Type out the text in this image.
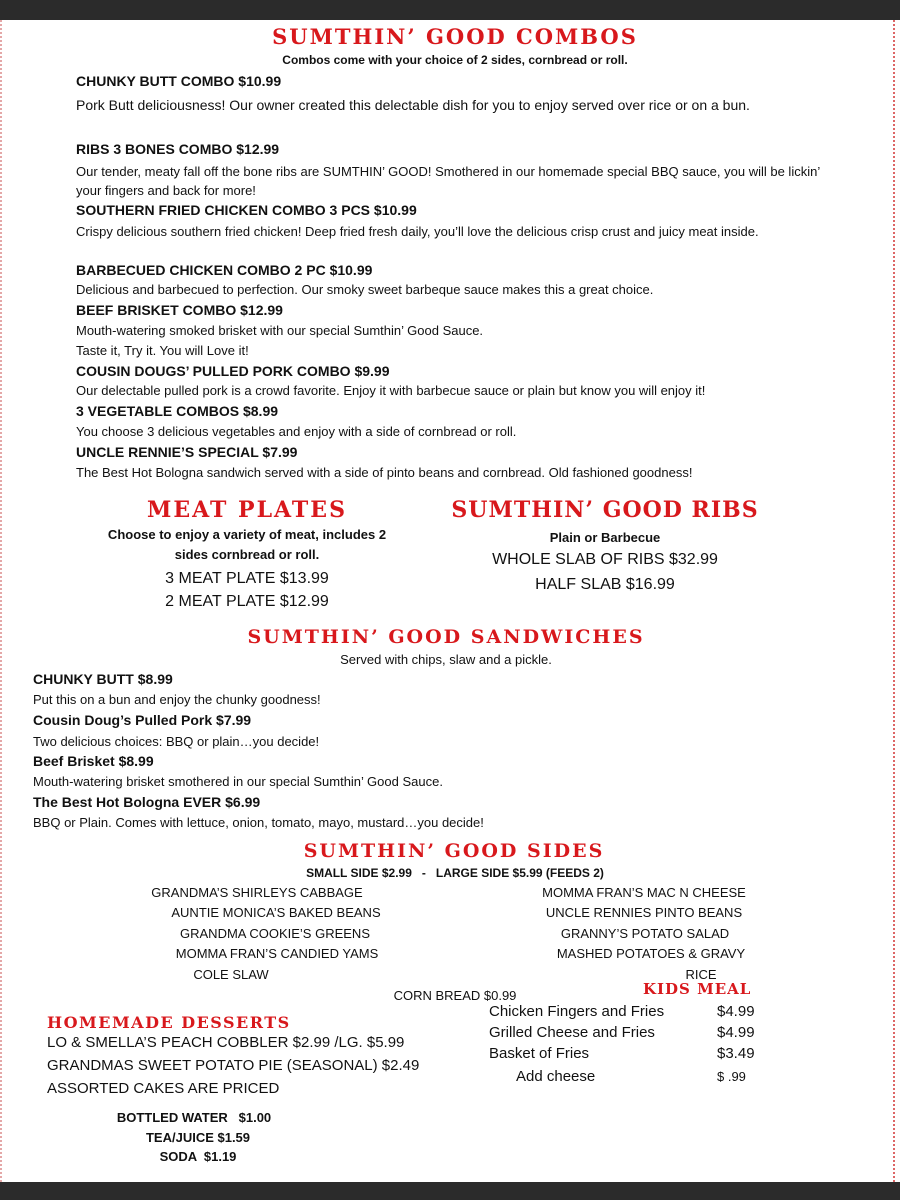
SUMTHIN’ GOOD COMBOS
Combos come with your choice of 2 sides, cornbread or roll.
CHUNKY BUTT COMBO $10.99
Pork Butt deliciousness! Our owner created this delectable dish for you to enjoy served over rice or on a bun.
RIBS 3 BONES COMBO $12.99
Our tender, meaty fall off the bone ribs are SUMTHIN’ GOOD! Smothered in our homemade special BBQ sauce, you will be lickin’ your fingers and back for more!
SOUTHERN FRIED CHICKEN COMBO 3 PCS $10.99
Crispy delicious southern fried chicken! Deep fried fresh daily, you’ll love the delicious crisp crust and juicy meat inside.
BARBECUED CHICKEN COMBO 2 PC $10.99
Delicious and barbecued to perfection. Our smoky sweet barbeque sauce makes this a great choice.
BEEF BRISKET COMBO $12.99
Mouth-watering smoked brisket with our special Sumthin’ Good Sauce.
Taste it, Try it. You will Love it!
COUSIN DOUGS’ PULLED PORK COMBO $9.99
Our delectable pulled pork is a crowd favorite. Enjoy it with barbecue sauce or plain but know you will enjoy it!
3 VEGETABLE COMBOS $8.99
You choose 3 delicious vegetables and enjoy with a side of cornbread or roll.
UNCLE RENNIE’S SPECIAL $7.99
The Best Hot Bologna sandwich served with a side of pinto beans and cornbread. Old fashioned goodness!
MEAT PLATES
Choose to enjoy a variety of meat, includes 2
sides cornbread or roll.
3 MEAT PLATE $13.99
2 MEAT PLATE $12.99
SUMTHIN’ GOOD RIBS
Plain or Barbecue
WHOLE SLAB OF RIBS $32.99
HALF SLAB $16.99
SUMTHIN’ GOOD SANDWICHES
Served with chips, slaw and a pickle.
CHUNKY BUTT $8.99
Put this on a bun and enjoy the chunky goodness!
Cousin Doug’s Pulled Pork $7.99
Two delicious choices: BBQ or plain…you decide!
Beef Brisket $8.99
Mouth-watering brisket smothered in our special Sumthin’ Good Sauce.
The Best Hot Bologna EVER $6.99
BBQ or Plain. Comes with lettuce, onion, tomato, mayo, mustard…you decide!
SUMTHIN’ GOOD SIDES
SMALL SIDE $2.99   -   LARGE SIDE $5.99 (FEEDS 2)
GRANDMA’S SHIRLEYS CABBAGE
AUNTIE MONICA’S BAKED BEANS
GRANDMA COOKIE’S GREENS
MOMMA FRAN’S CANDIED YAMS
COLE SLAW
MOMMA FRAN’S MAC N CHEESE
UNCLE RENNIES PINTO BEANS
GRANNY’S POTATO SALAD
MASHED POTATOES & GRAVY
RICE
CORN BREAD $0.99	KIDS MEAL
Chicken Fingers and Fries	$4.99
Grilled Cheese and Fries	$4.99
Basket of Fries	$3.49
Add cheese	$ .99
HOMEMADE DESSERTS
LO & SMELLA’S PEACH COBBLER $2.99 /LG. $5.99
GRANDMAS SWEET POTATO PIE (SEASONAL) $2.49
ASSORTED CAKES ARE PRICED
BOTTLED WATER   $1.00
TEA/JUICE $1.59
SODA  $1.19
